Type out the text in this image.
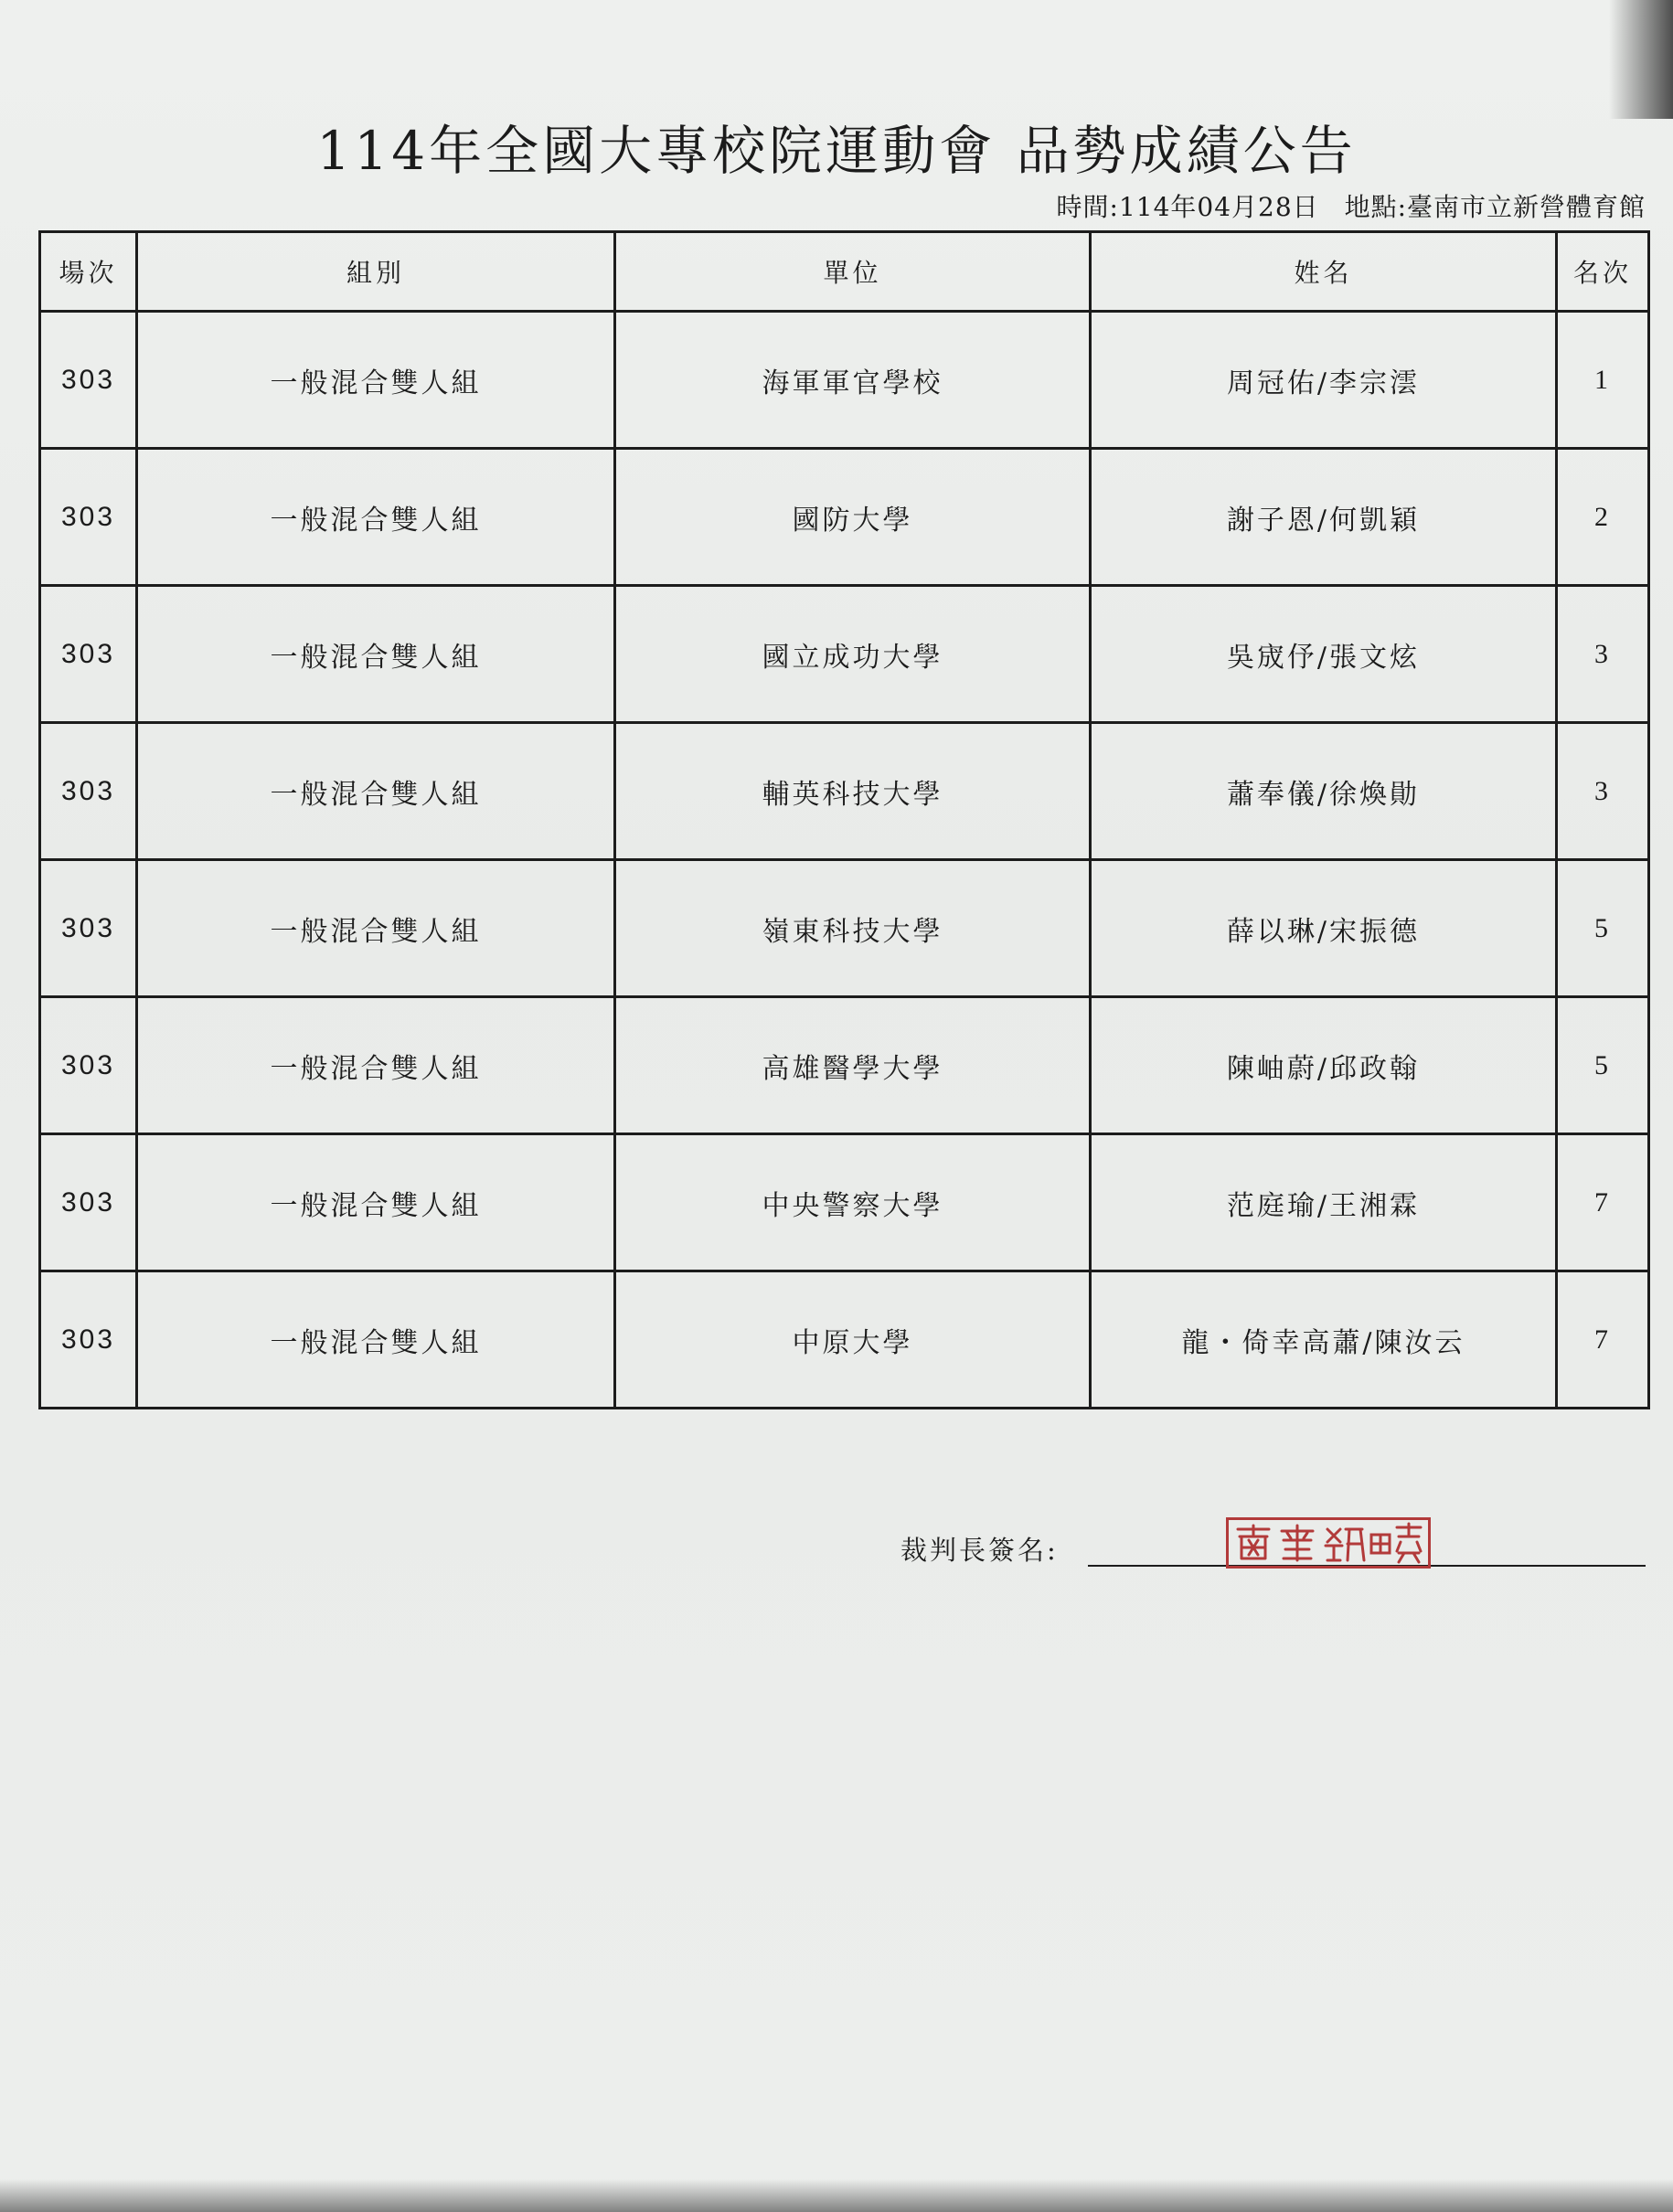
114年全國大專校院運動會 品勢成績公告
時間:114年04月28日 地點:臺南市立新營體育館
場次	組別	單位	姓名	名次
303	一般混合雙人組	海軍軍官學校	周冠佑/李宗澐	1
303	一般混合雙人組	國防大學	謝子恩/何凱穎	2
303	一般混合雙人組	國立成功大學	吳宬伃/張文炫	3
303	一般混合雙人組	輔英科技大學	蕭奉儀/徐煥勛	3
303	一般混合雙人組	嶺東科技大學	薛以琳/宋振德	5
303	一般混合雙人組	高雄醫學大學	陳岫蔚/邱政翰	5
303	一般混合雙人組	中央警察大學	范庭瑜/王湘霖	7
303	一般混合雙人組	中原大學	龍・倚幸高蕭/陳汝云	7
裁判長簽名:
